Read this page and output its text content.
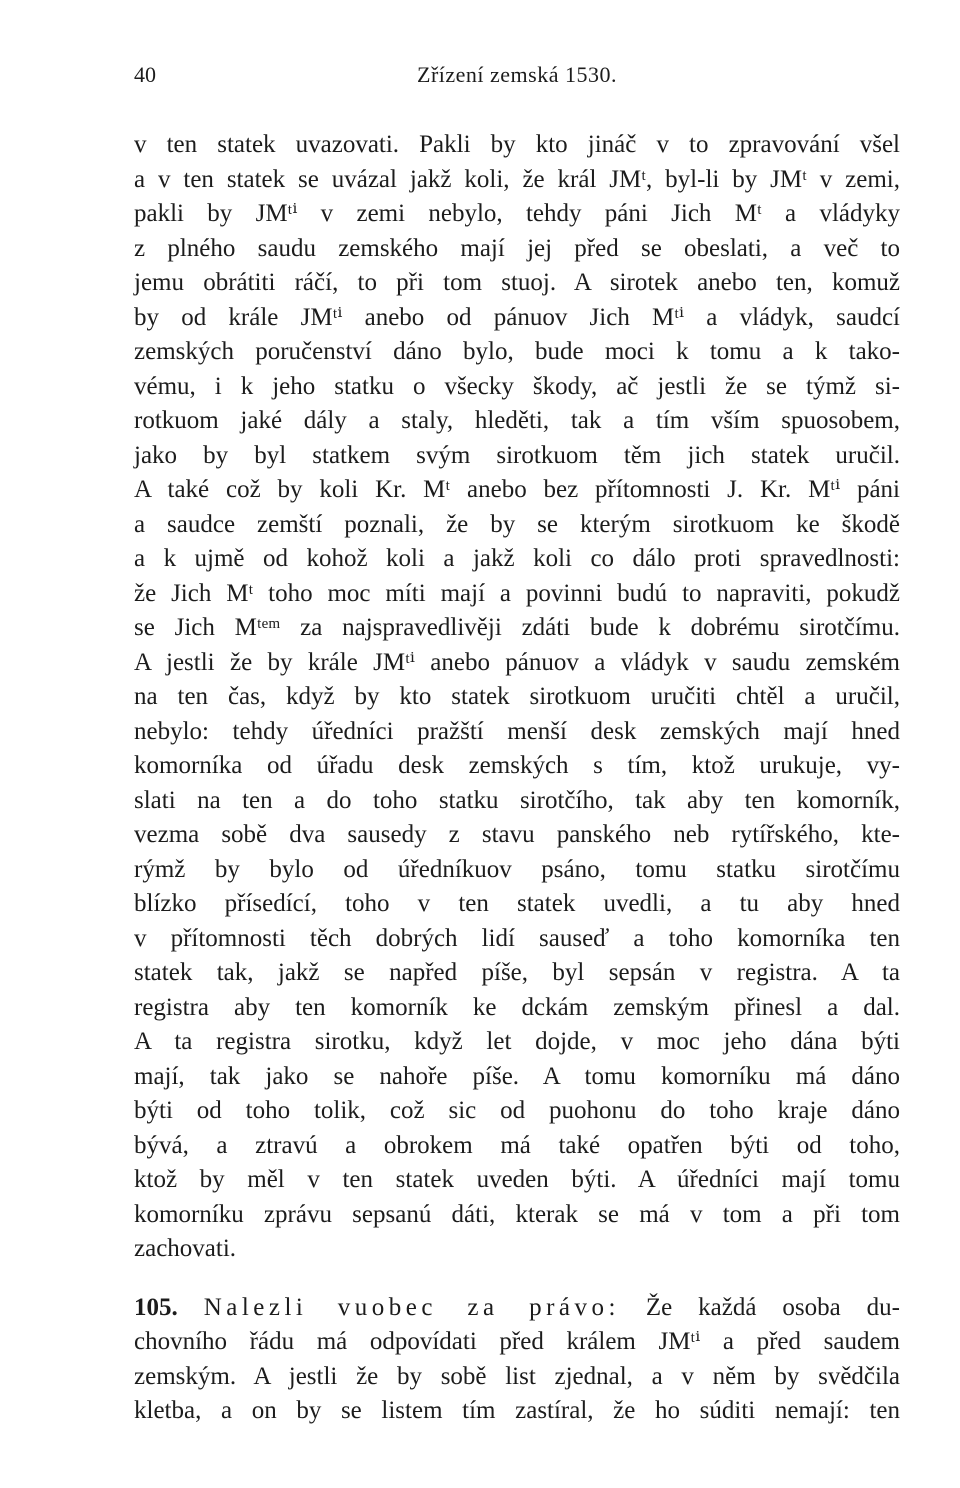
40	Zřízení zemská 1530.
v ten statek uvazovati. Pakli by kto jináč v to zpravování všel
a v ten statek se uvázal jakž koli, že král JMᵗ, byl-li by JMᵗ v zemi,
pakli by JMᵗⁱ v zemi nebylo, tehdy páni Jich Mᵗ a vládyky
z plného saudu zemského mají jej před se obeslati, a več to
jemu obrátiti ráčí, to při tom stuoj. A sirotek anebo ten, komuž
by od krále JMᵗⁱ anebo od pánuov Jich Mᵗⁱ a vládyk, saudcí
zemských poručenství dáno bylo, bude moci k tomu a k tako-
vému, i k jeho statku o všecky škody, ač jestli že se týmž si-
rotkuom jaké dály a staly, hleděti, tak a tím vším spuosobem,
jako by byl statkem svým sirotkuom těm jich statek uručil.
A také což by koli Kr. Mᵗ anebo bez přítomnosti J. Kr. Mᵗⁱ páni
a saudce zemští poznali, že by se kterým sirotkuom ke škodě
a k ujmě od kohož koli a jakž koli co dálo proti spravedlnosti:
že Jich Mᵗ toho moc míti mají a povinni budú to napraviti, pokudž
se Jich Mᵗᵉᵐ za najspravedlivěji zdáti bude k dobrému sirotčímu.
A jestli že by krále JMᵗⁱ anebo pánuov a vládyk v saudu zemském
na ten čas, když by kto statek sirotkuom uručiti chtěl a uručil,
nebylo: tehdy úředníci pražští menší desk zemských mají hned
komorníka od úřadu desk zemských s tím, ktož urukuje, vy-
slati na ten a do toho statku sirotčího, tak aby ten komorník,
vezma sobě dva sausedy z stavu panského neb rytířského, kte-
rýmž by bylo od úředníkuov psáno, tomu statku sirotčímu
blízko přísedící, toho v ten statek uvedli, a tu aby hned
v přítomnosti těch dobrých lidí sauseď a toho komorníka ten
statek tak, jakž se napřed píše, byl sepsán v registra. A ta
registra aby ten komorník ke dckám zemským přinesl a dal.
A ta registra sirotku, když let dojde, v moc jeho dána býti
mají, tak jako se nahoře píše. A tomu komorníku má dáno
býti od toho tolik, což sic od puohonu do toho kraje dáno
bývá, a ztravú a obrokem má také opatřen býti od toho,
ktož by měl v ten statek uveden býti. A úředníci mají tomu
komorníku zprávu sepsanú dáti, kterak se má v tom a při tom
zachovati.
105. Nalezli vuobec za právo: Že každá osoba du-
chovního řádu má odpovídati před králem JMᵗⁱ a před saudem
zemským. A jestli že by sobě list zjednal, a v něm by svědčila
kletba, a on by se listem tím zastíral, že ho súditi nemají: ten
